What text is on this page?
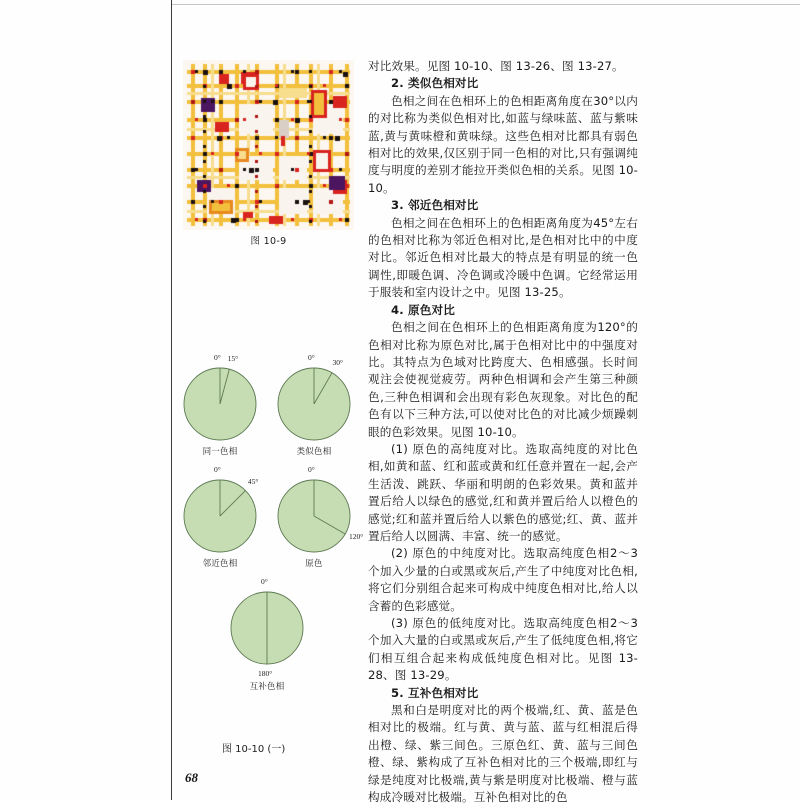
图 10-9
0° 15°
同一色相
0°
30°
类似色相
0°
45°
邻近色相
0°
120°
原色
0°
180°
互补色相
图 10-10 (一)
68

对比效果。见图 10-10、图 13-26、图 13-27。

2. 类似色相对比

色相之间在色相环上的色相距离角度在30°以内的对比称为类似色相对比,如蓝与绿味蓝、蓝与紫味蓝,黄与黄味橙和黄味绿。这些色相对比都具有弱色相对比的效果,仅区别于同一色相的对比,只有强调纯度与明度的差别才能拉开类似色相的关系。见图 10-10。

3. 邻近色相对比

色相之间在色相环上的色相距离角度为45°左右的色相对比称为邻近色相对比,是色相对比中的中度对比。邻近色相对比最大的特点是有明显的统一色调性,即暖色调、冷色调或冷暖中色调。它经常运用于服装和室内设计之中。见图 13-25。

4. 原色对比

色相之间在色相环上的色相距离角度为120°的色相对比称为原色对比,属于色相对比中的中强度对比。其特点为色域对比跨度大、色相感强。长时间观注会使视觉疲劳。两种色相调和会产生第三种颜色,三种色相调和会出现有彩色灰现象。对比色的配色有以下三种方法,可以使对比色的对比减少烦躁刺眼的色彩效果。见图 10-10。

(1) 原色的高纯度对比。选取高纯度的对比色相,如黄和蓝、红和蓝或黄和红任意并置在一起,会产生活泼、跳跃、华丽和明朗的色彩效果。黄和蓝并置后给人以绿色的感觉,红和黄并置后给人以橙色的感觉;红和蓝并置后给人以紫色的感觉;红、黄、蓝并置后给人以圆满、丰富、统一的感觉。

(2) 原色的中纯度对比。选取高纯度色相2～3个加入少量的白或黑或灰后,产生了中纯度对比色相,将它们分别组合起来可构成中纯度色相对比,给人以含蓄的色彩感觉。

(3) 原色的低纯度对比。选取高纯度色相2～3个加入大量的白或黑或灰后,产生了低纯度色相,将它们相互组合起来构成低纯度色相对比。见图 13-28、图 13-29。

5. 互补色相对比

黑和白是明度对比的两个极端,红、黄、蓝是色相对比的极端。红与黄、黄与蓝、蓝与红相混后得出橙、绿、紫三间色。三原色红、黄、蓝与三间色橙、绿、紫构成了互补色相对比的三个极端,即红与绿是纯度对比极端,黄与紫是明度对比极端、橙与蓝构成冷暖对比极端。互补色相对比的色
